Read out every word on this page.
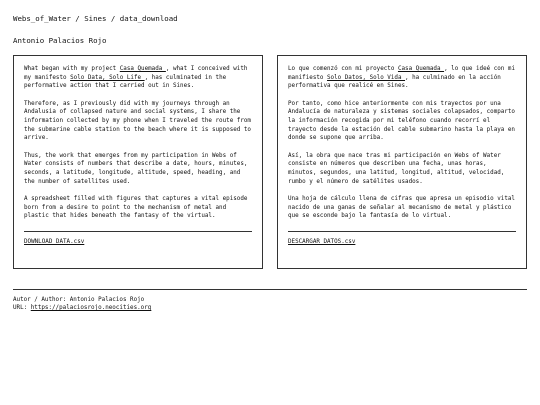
Webs_of_Water / Sines / data_download
Antonio Palacios Rojo

What began with my project Casa Quemada , what I conceived with my manifesto Solo Data, Solo Life , has culminated in the performative action that I carried out in Sines.

Therefore, as I previously did with my journeys through an Andalusia of collapsed nature and social systems, I share the information collected by my phone when I traveled the route from the submarine cable station to the beach where it is supposed to arrive.

Thus, the work that emerges from my participation in Webs of Water consists of numbers that describe a date, hours, minutes, seconds, a latitude, longitude, altitude, speed, heading, and the number of satellites used.

A spreadsheet filled with figures that captures a vital episode born from a desire to point to the mechanism of metal and plastic that hides beneath the fantasy of the virtual.

DOWNLOAD_DATA.csv

Lo que comenzó con mi proyecto Casa Quemada , lo que ideé con mi manifiesto Solo Datos, Solo Vida , ha culminado en la acción performativa que realicé en Sines.

Por tanto, como hice anteriormente con mis trayectos por una Andalucía de naturaleza y sistemas sociales colapsados, comparto la información recogida por mi teléfono cuando recorrí el trayecto desde la estación del cable submarino hasta la playa en donde se supone que arriba.

Así, la obra que nace tras mi participación en Webs of Water consiste en números que describen una fecha, unas horas, minutos, segundos, una latitud, longitud, altitud, velocidad, rumbo y el número de satélites usados.

Una hoja de cálculo llena de cifras que apresa un episodio vital nacido de una ganas de señalar al mecanismo de metal y plástico que se esconde bajo la fantasía de lo virtual.

DESCARGAR_DATOS.csv
Autor / Author: Antonio Palacios Rojo
URL: https://palaciosrojo.neocities.org
